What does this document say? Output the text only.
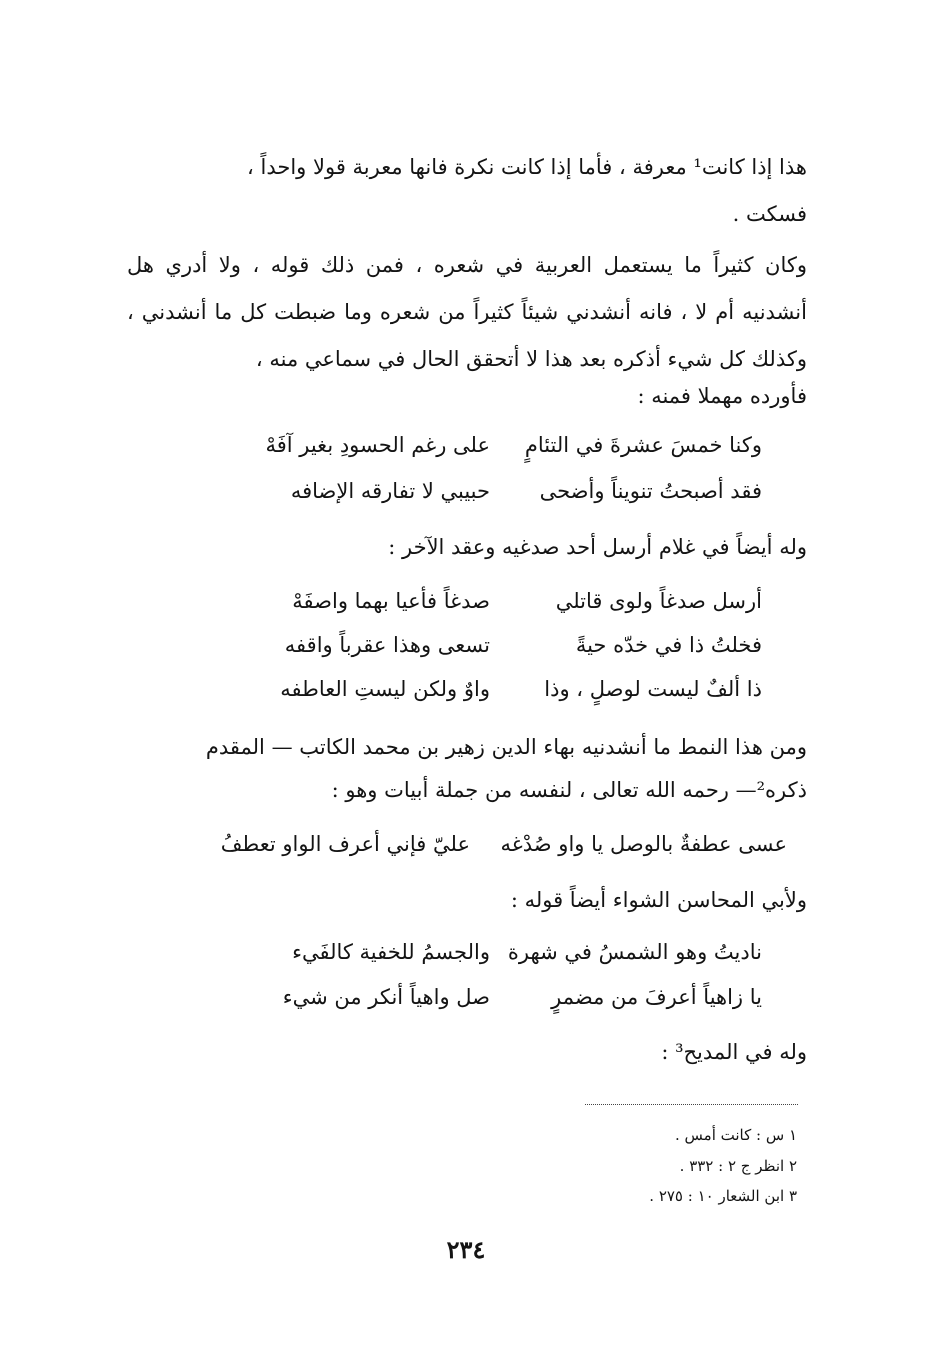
هذا إذا كانت¹ معرفة ، فأما إذا كانت نكرة فانها معربة قولا واحداً ،
فسكت .
وكان كثيراً ما يستعمل العربية في شعره ، فمن ذلك قوله ، ولا أدري هل أنشدنيه أم لا ، فانه أنشدني شيئاً كثيراً من شعره وما ضبطت كل ما أنشدني ، وكذلك كل شيء أذكره بعد هذا لا أتحقق الحال في سماعي منه ،
فأورده مهملا فمنه :
وكنا خمسَ عشرةَ في التئامٍ
على رغم الحسودِ بغير آفَهْ
فقد أصبحتُ تنويناً وأضحى
حبيبي لا تفارقه الإضافه
وله أيضاً في غلام أرسل أحد صدغيه وعقد الآخر :
أرسل صدغاً ولوى قاتلي
صدغاً فأعيا بهما واصفَهْ
فخلتُ ذا في خدّه حيةً
تسعى وهذا عقرباً واقفه
ذا ألفٌ ليست لوصلٍ ، وذا
واوٌ ولكن ليستِ العاطفه
ومن هذا النمط ما أنشدنيه بهاء الدين زهير بن محمد الكاتب — المقدم
ذكره²— رحمه الله تعالى ، لنفسه من جملة أبيات وهو :
عسى عطفةٌ بالوصل يا واو صُدْغه
عليّ فإني أعرف الواو تعطفُ
ولأبي المحاسن الشواء أيضاً قوله :
ناديتُ وهو الشمسُ في شهرة
والجسمُ للخفية كالفَيء
يا زاهياً أعرفَ من مضمرٍ
صل واهياً أنكر من شيء
وله في المديح³ :
١ س : كانت أمس .
٢ انظر ج ٢ : ٣٣٢ .
٣ ابن الشعار ١٠ : ٢٧٥ .
٢٣٤
